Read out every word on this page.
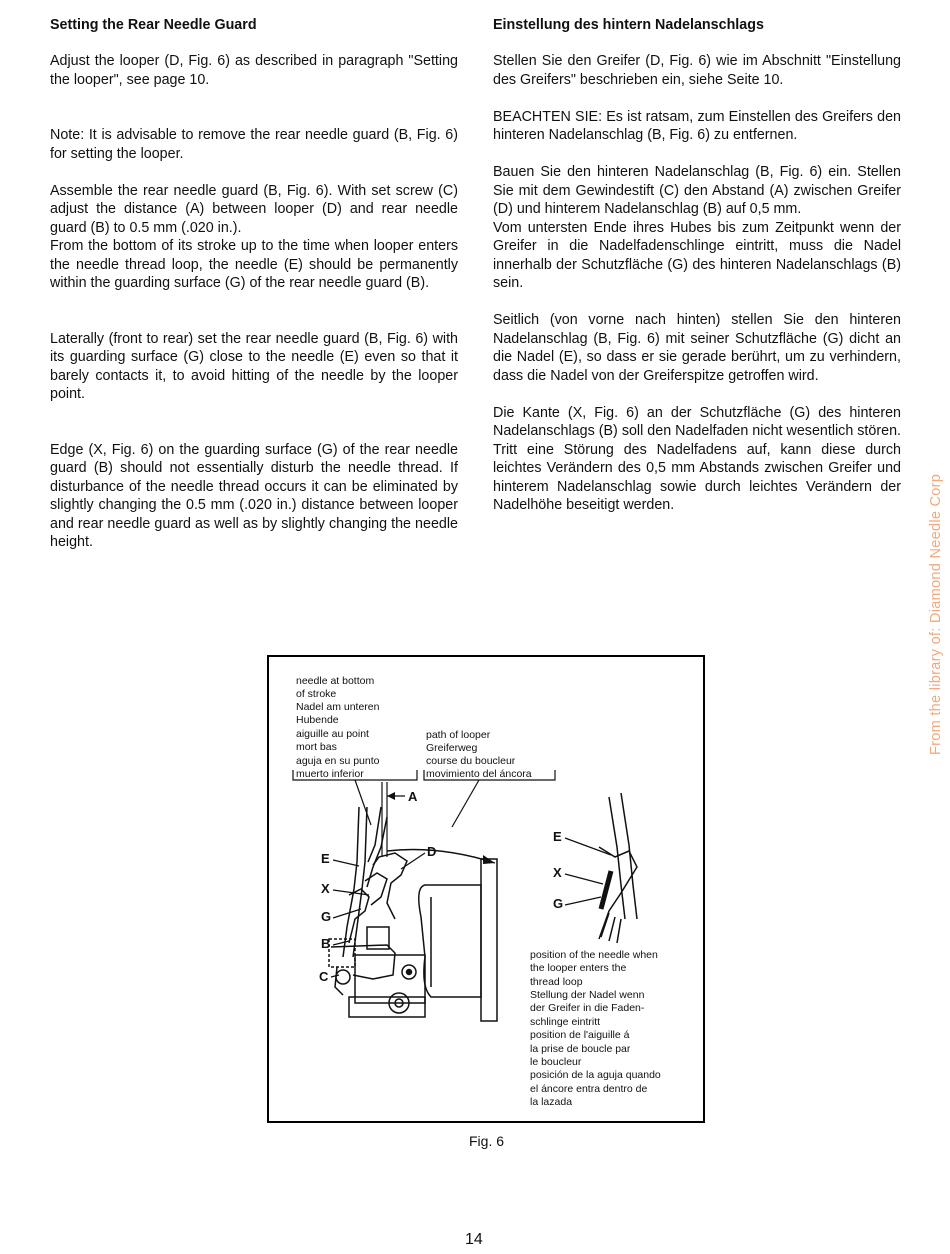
Setting the Rear Needle Guard

Adjust the looper (D, Fig. 6) as described in paragraph "Setting the looper", see page 10.

Note: It is advisable to remove the rear needle guard (B, Fig. 6) for setting the looper.

Assemble the rear needle guard (B, Fig. 6). With set screw (C) adjust the distance (A) between looper (D) and rear needle guard (B) to 0.5 mm (.020 in.).

From the bottom of its stroke up to the time when looper enters the needle thread loop, the needle (E) should be permanently within the guarding surface (G) of the rear needle guard (B).

Laterally (front to rear) set the rear needle guard (B, Fig. 6) with its guarding surface (G) close to the needle (E) even so that it barely contacts it, to avoid hitting of the needle by the looper point.

Edge (X, Fig. 6) on the guarding surface (G) of the rear needle guard (B) should not essentially disturb the needle thread. If disturbance of the needle thread occurs it can be eliminated by slightly changing the 0.5 mm (.020 in.) distance between looper and rear needle guard as well as by slightly changing the needle height.

Einstellung des hintern Nadelanschlags

Stellen Sie den Greifer (D, Fig. 6) wie im Abschnitt "Einstellung des Greifers" beschrieben ein, siehe Seite 10.

BEACHTEN SIE: Es ist ratsam, zum Einstellen des Greifers den hinteren Nadelanschlag (B, Fig. 6) zu entfernen.

Bauen Sie den hinteren Nadelanschlag (B, Fig. 6) ein. Stellen Sie mit dem Gewindestift (C) den Abstand (A) zwischen Greifer (D) und hinterem Nadelanschlag (B) auf 0,5 mm.

Vom untersten Ende ihres Hubes bis zum Zeitpunkt wenn der Greifer in die Nadelfadenschlinge eintritt, muss die Nadel innerhalb der Schutzfläche (G) des hinteren Nadelanschlags (B) sein.

Seitlich (von vorne nach hinten) stellen Sie den hinteren Nadelanschlag (B, Fig. 6) mit seiner Schutzfläche (G) dicht an die Nadel (E), so dass er sie gerade berührt, um zu verhindern, dass die Nadel von der Greiferspitze getroffen wird.

Die Kante (X, Fig. 6) an der Schutzfläche (G) des hinteren Nadelanschlags (B) soll den Nadelfaden nicht wesentlich stören. Tritt eine Störung des Nadelfadens auf, kann diese durch leichtes Verändern des 0,5 mm Abstands zwischen Greifer und hinterem Nadelanschlag sowie durch leichtes Verändern der Nadelhöhe beseitigt werden.	From the library of: Diamond Needle Corp
needle at bottom
of stroke
Nadel am unteren
Hubende
aiguille au point
mort bas
aguja en su punto
muerto inferior
path of looper
Greiferweg
course du boucleur
movimiento del áncora
A
E
X
G
B
C
D
E
X
G
position of the needle when
the looper enters the
thread loop
Stellung der Nadel wenn
der Greifer in die Faden-
schlinge eintritt
position de l'aiguille á
la prise de boucle par
le boucleur
posición de la aguja quando
el áncore entra dentro de
la lazada
Fig. 6
14
